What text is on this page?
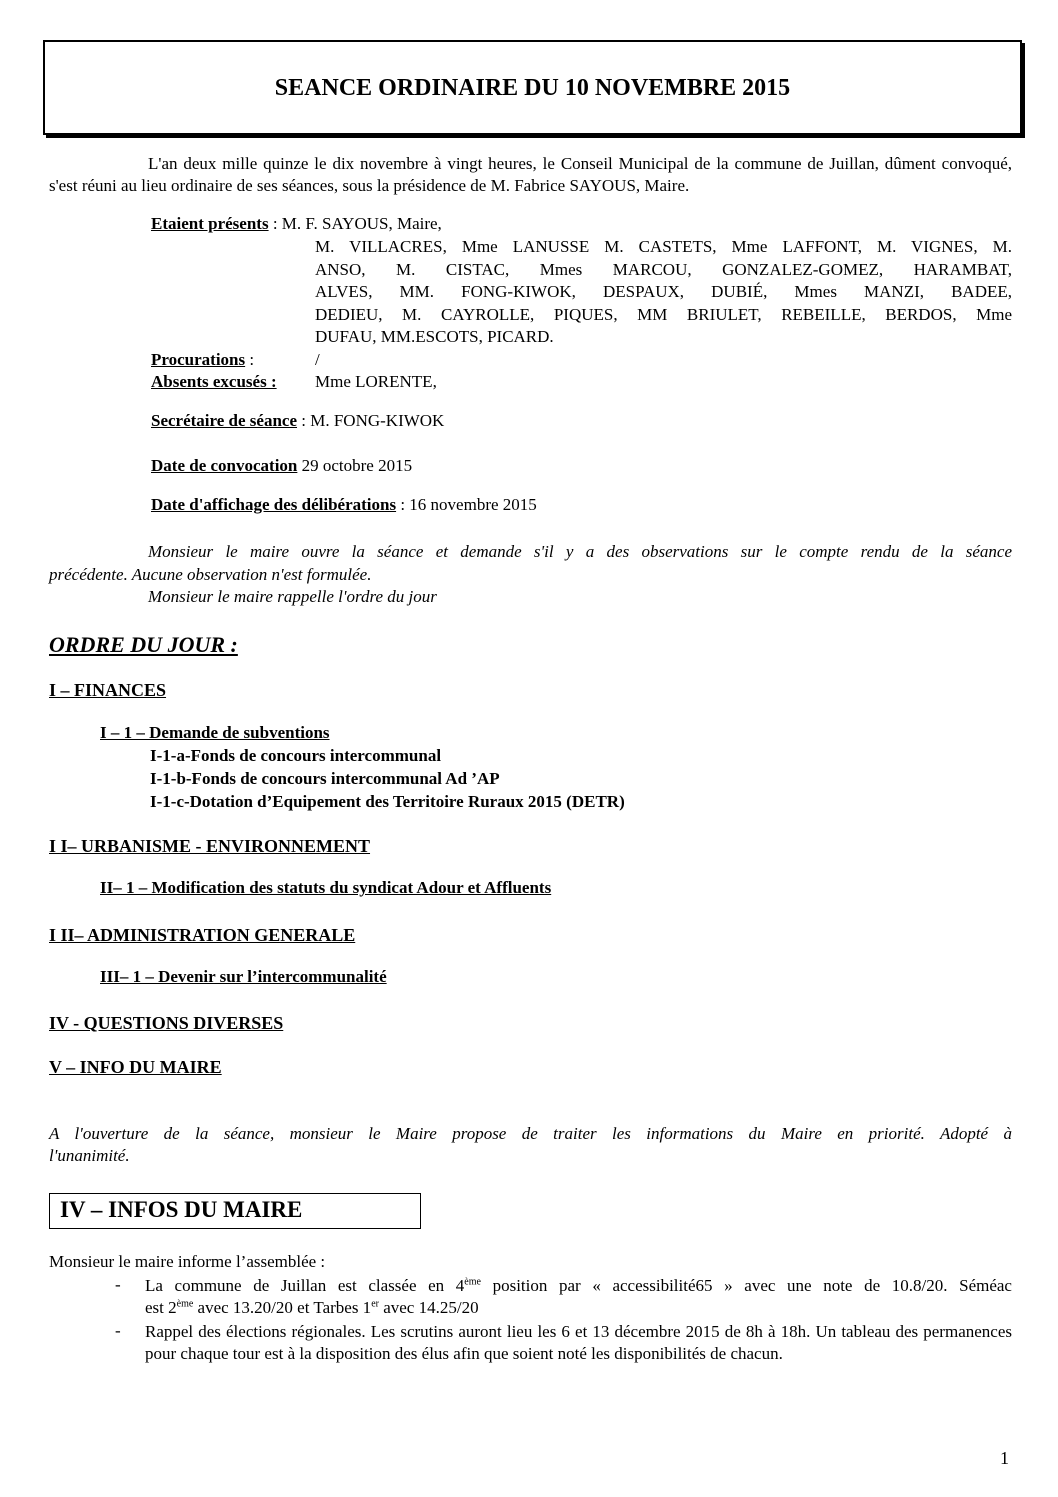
SEANCE ORDINAIRE DU 10 NOVEMBRE 2015
L'an deux mille quinze le dix novembre à vingt heures, le Conseil Municipal de la commune de Juillan, dûment convoqué, s'est réuni au lieu ordinaire de ses séances, sous la présidence de M. Fabrice SAYOUS, Maire.
Etaient présents : M. F. SAYOUS, Maire,
M. VILLACRES, Mme LANUSSE M. CASTETS, Mme LAFFONT, M. VIGNES, M.
ANSO, M. CISTAC, Mmes MARCOU, GONZALEZ-GOMEZ, HARAMBAT,
ALVES, MM. FONG-KIWOK, DESPAUX, DUBIÉ, Mmes MANZI, BADEE,
DEDIEU, M. CAYROLLE, PIQUES, MM BRIULET, REBEILLE, BERDOS, Mme
DUFAU, MM.ESCOTS, PICARD.
Procurations :	/
Absents excusés : Mme LORENTE,
Secrétaire de séance : M. FONG-KIWOK
Date de convocation 29 octobre 2015
Date d'affichage des délibérations : 16 novembre 2015
Monsieur le maire ouvre la séance et demande s'il y a des observations sur le compte rendu de la séance
précédente. Aucune observation n'est formulée.
Monsieur le maire rappelle l'ordre du jour
ORDRE DU JOUR :
I – FINANCES
I – 1 – Demande de subventions
I-1-a-Fonds de concours intercommunal
I-1-b-Fonds de concours intercommunal Ad ’AP
I-1-c-Dotation d’Equipement des Territoire Ruraux 2015 (DETR)
I I– URBANISME - ENVIRONNEMENT
II– 1 – Modification des statuts du syndicat Adour et Affluents
I II– ADMINISTRATION GENERALE
III– 1 – Devenir sur l’intercommunalité
IV - QUESTIONS DIVERSES
V – INFO DU MAIRE
A l'ouverture de la séance, monsieur le Maire propose de traiter les informations du Maire en priorité. Adopté à
l'unanimité.
IV – INFOS DU MAIRE
Monsieur le maire informe l’assemblée :
- La commune de Juillan est classée en 4ème position par « accessibilité65 » avec une note de 10.8/20. Séméac
est 2ème avec 13.20/20 et Tarbes 1er avec 14.25/20
- Rappel des élections régionales. Les scrutins auront lieu les 6 et 13 décembre 2015 de 8h à 18h. Un tableau des permanences pour chaque tour est à la disposition des élus afin que soient noté les disponibilités de chacun.
1
